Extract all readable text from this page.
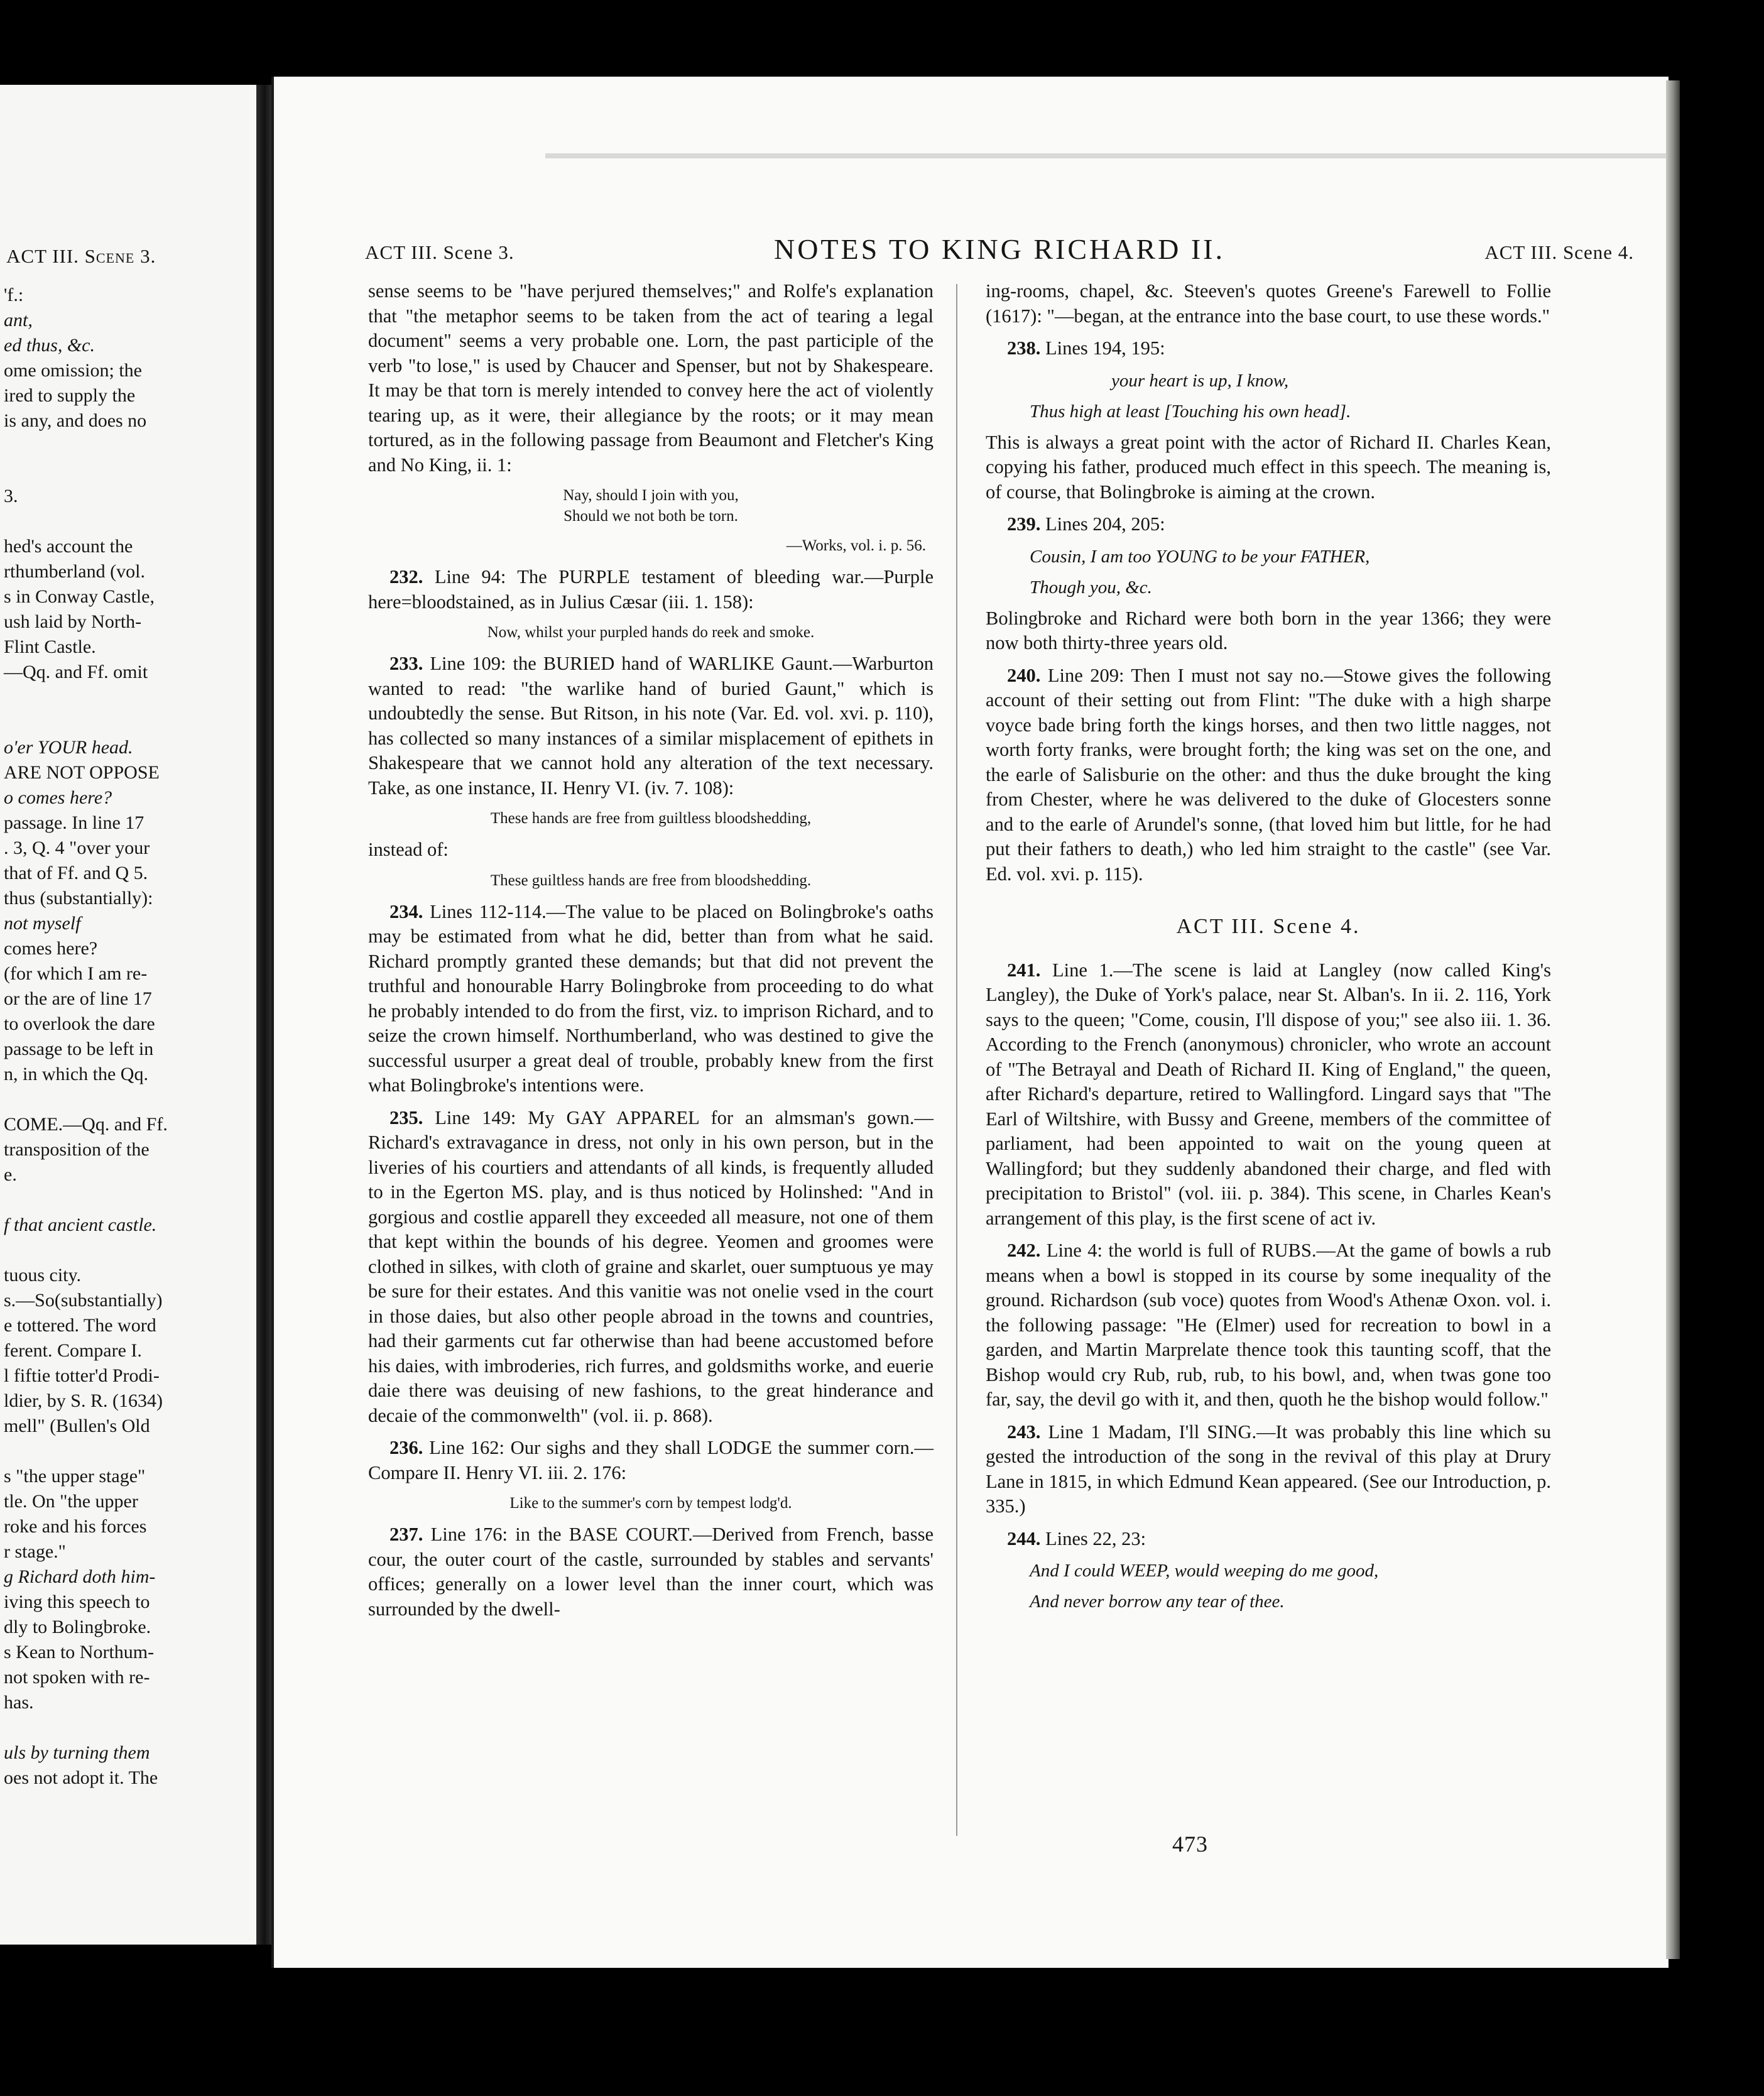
ACT III. Scene 3.
'f.:
ant,
ed thus, &c.
ome omission; the
ired to supply the
is any, and does no
3.
hed's account the
rthumberland (vol.
s in Conway Castle,
ush laid by North-
Flint Castle.
—Qq. and Ff. omit
o'er YOUR head.
ARE NOT OPPOSE
o comes here?
passage. In line 17
. 3, Q. 4 "over your
that of Ff. and Q 5.
thus (substantially):
not myself
comes here?
(for which I am re-
or the are of line 17
to overlook the dare
passage to be left in
n, in which the Qq.
COME.—Qq. and Ff.
transposition of the
e.
f that ancient castle.
tuous city.
s.—So(substantially)
e tottered. The word
ferent. Compare I.
l fiftie totter'd Prodi-
ldier, by S. R. (1634)
mell" (Bullen's Old
s "the upper stage"
tle. On "the upper
roke and his forces
r stage."
g Richard doth him-
iving this speech to
dly to Bolingbroke.
s Kean to Northum-
not spoken with re-
has.
uls by turning them
oes not adopt it. The
ACT III. Scene 3.	NOTES TO KING RICHARD II.	ACT III. Scene 4.

sense seems to be "have perjured themselves;" and Rolfe's explanation that "the metaphor seems to be taken from the act of tearing a legal document" seems a very probable one. Lorn, the past participle of the verb "to lose," is used by Chaucer and Spenser, but not by Shakespeare. It may be that torn is merely intended to convey here the act of violently tearing up, as it were, their allegiance by the roots; or it may mean tortured, as in the following passage from Beaumont and Fletcher's King and No King, ii. 1:

Nay, should I join with you,
Should we not both be torn.
—Works, vol. i. p. 56.

232. Line 94: The PURPLE testament of bleeding war.—Purple here=bloodstained, as in Julius Cæsar (iii. 1. 158):

Now, whilst your purpled hands do reek and smoke.

233. Line 109: the BURIED hand of WARLIKE Gaunt.—Warburton wanted to read: "the warlike hand of buried Gaunt," which is undoubtedly the sense. But Ritson, in his note (Var. Ed. vol. xvi. p. 110), has collected so many instances of a similar misplacement of epithets in Shakespeare that we cannot hold any alteration of the text necessary. Take, as one instance, II. Henry VI. (iv. 7. 108):

These hands are free from guiltless bloodshedding,

instead of:

These guiltless hands are free from bloodshedding.

234. Lines 112-114.—The value to be placed on Bolingbroke's oaths may be estimated from what he did, better than from what he said. Richard promptly granted these demands; but that did not prevent the truthful and honourable Harry Bolingbroke from proceeding to do what he probably intended to do from the first, viz. to imprison Richard, and to seize the crown himself. Northumberland, who was destined to give the successful usurper a great deal of trouble, probably knew from the first what Bolingbroke's intentions were.

235. Line 149: My GAY APPAREL for an almsman's gown.—Richard's extravagance in dress, not only in his own person, but in the liveries of his courtiers and attendants of all kinds, is frequently alluded to in the Egerton MS. play, and is thus noticed by Holinshed: "And in gorgious and costlie apparell they exceeded all measure, not one of them that kept within the bounds of his degree. Yeomen and groomes were clothed in silkes, with cloth of graine and skarlet, ouer sumptuous ye may be sure for their estates. And this vanitie was not onelie vsed in the court in those daies, but also other people abroad in the towns and countries, had their garments cut far otherwise than had beene accustomed before his daies, with imbroderies, rich furres, and goldsmiths worke, and euerie daie there was deuising of new fashions, to the great hinderance and decaie of the commonwelth" (vol. ii. p. 868).

236. Line 162: Our sighs and they shall LODGE the summer corn.—Compare II. Henry VI. iii. 2. 176:

Like to the summer's corn by tempest lodg'd.

237. Line 176: in the BASE COURT.—Derived from French, basse cour, the outer court of the castle, surrounded by stables and servants' offices; generally on a lower level than the inner court, which was surrounded by the dwell-

ing-rooms, chapel, &c. Steeven's quotes Greene's Farewell to Follie (1617): "—began, at the entrance into the base court, to use these words."

238. Lines 194, 195:

your heart is up, I know,
Thus high at least [Touching his own head].

This is always a great point with the actor of Richard II. Charles Kean, copying his father, produced much effect in this speech. The meaning is, of course, that Bolingbroke is aiming at the crown.

239. Lines 204, 205:

Cousin, I am too YOUNG to be your FATHER,
Though you, &c.

Bolingbroke and Richard were both born in the year 1366; they were now both thirty-three years old.

240. Line 209: Then I must not say no.—Stowe gives the following account of their setting out from Flint: "The duke with a high sharpe voyce bade bring forth the kings horses, and then two little nagges, not worth forty franks, were brought forth; the king was set on the one, and the earle of Salisburie on the other: and thus the duke brought the king from Chester, where he was delivered to the duke of Glocesters sonne and to the earle of Arundel's sonne, (that loved him but little, for he had put their fathers to death,) who led him straight to the castle" (see Var. Ed. vol. xvi. p. 115).

ACT III. Scene 4.

241. Line 1.—The scene is laid at Langley (now called King's Langley), the Duke of York's palace, near St. Alban's. In ii. 2. 116, York says to the queen; "Come, cousin, I'll dispose of you;" see also iii. 1. 36. According to the French (anonymous) chronicler, who wrote an account of "The Betrayal and Death of Richard II. King of England," the queen, after Richard's departure, retired to Wallingford. Lingard says that "The Earl of Wiltshire, with Bussy and Greene, members of the committee of parliament, had been appointed to wait on the young queen at Wallingford; but they suddenly abandoned their charge, and fled with precipitation to Bristol" (vol. iii. p. 384). This scene, in Charles Kean's arrangement of this play, is the first scene of act iv.

242. Line 4: the world is full of RUBS.—At the game of bowls a rub means when a bowl is stopped in its course by some inequality of the ground. Richardson (sub voce) quotes from Wood's Athenæ Oxon. vol. i. the following passage: "He (Elmer) used for recreation to bowl in a garden, and Martin Marprelate thence took this taunting scoff, that the Bishop would cry Rub, rub, rub, to his bowl, and, when twas gone too far, say, the devil go with it, and then, quoth he the bishop would follow."

243. Line 1 Madam, I'll SING.—It was probably this line which su gested the introduction of the song in the revival of this play at Drury Lane in 1815, in which Edmund Kean appeared. (See our Introduction, p. 335.)

244. Lines 22, 23:

And I could WEEP, would weeping do me good,
And never borrow any tear of thee.
473
